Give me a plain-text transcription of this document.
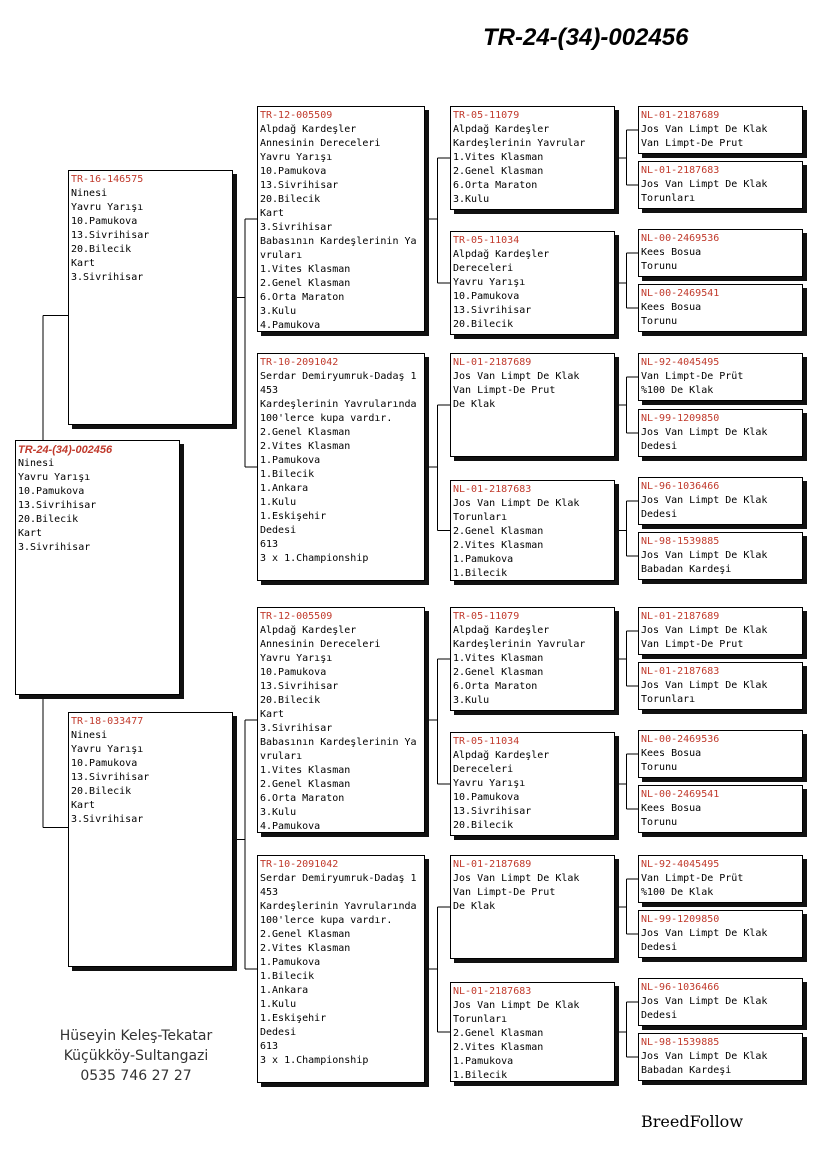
TR-24-(34)-002456
TR-24-(34)-002456
Ninesi
Yavru Yarışı
10.Pamukova
13.Sivrihisar
20.Bilecik
Kart
3.Sivrihisar
TR-16-146575
Ninesi
Yavru Yarışı
10.Pamukova
13.Sivrihisar
20.Bilecik
Kart
3.Sivrihisar
TR-18-033477
Ninesi
Yavru Yarışı
10.Pamukova
13.Sivrihisar
20.Bilecik
Kart
3.Sivrihisar
TR-12-005509
Alpdağ Kardeşler
Annesinin Dereceleri
Yavru Yarışı
10.Pamukova
13.Sivrihisar
20.Bilecik
Kart
3.Sivrihisar
Babasının Kardeşlerinin Yavruları
1.Vites Klasman
2.Genel Klasman
6.Orta Maraton
3.Kulu
4.Pamukova
TR-10-2091042
Serdar Demiryumruk-Dadaş 1453
Kardeşlerinin Yavrularında 100'lerce kupa vardır.
2.Genel Klasman
2.Vites Klasman
1.Pamukova
1.Bilecik
1.Ankara
1.Kulu
1.Eskişehir
Dedesi
613
3 x 1.Championship
TR-12-005509
Alpdağ Kardeşler
Annesinin Dereceleri
Yavru Yarışı
10.Pamukova
13.Sivrihisar
20.Bilecik
Kart
3.Sivrihisar
Babasının Kardeşlerinin Yavruları
1.Vites Klasman
2.Genel Klasman
6.Orta Maraton
3.Kulu
4.Pamukova
TR-10-2091042
Serdar Demiryumruk-Dadaş 1453
Kardeşlerinin Yavrularında 100'lerce kupa vardır.
2.Genel Klasman
2.Vites Klasman
1.Pamukova
1.Bilecik
1.Ankara
1.Kulu
1.Eskişehir
Dedesi
613
3 x 1.Championship
TR-05-11079
Alpdağ Kardeşler
Kardeşlerinin Yavrular
1.Vites Klasman
2.Genel Klasman
6.Orta Maraton
3.Kulu
TR-05-11034
Alpdağ Kardeşler
Dereceleri
Yavru Yarışı
10.Pamukova
13.Sivrihisar
20.Bilecik
NL-01-2187689
Jos Van Limpt De Klak
Van Limpt-De Prut
De Klak
NL-01-2187683
Jos Van Limpt De Klak
Torunları
2.Genel Klasman
2.Vites Klasman
1.Pamukova
1.Bilecik
TR-05-11079
Alpdağ Kardeşler
Kardeşlerinin Yavrular
1.Vites Klasman
2.Genel Klasman
6.Orta Maraton
3.Kulu
TR-05-11034
Alpdağ Kardeşler
Dereceleri
Yavru Yarışı
10.Pamukova
13.Sivrihisar
20.Bilecik
NL-01-2187689
Jos Van Limpt De Klak
Van Limpt-De Prut
De Klak
NL-01-2187683
Jos Van Limpt De Klak
Torunları
2.Genel Klasman
2.Vites Klasman
1.Pamukova
1.Bilecik
NL-01-2187689
Jos Van Limpt De Klak
Van Limpt-De Prut
NL-01-2187683
Jos Van Limpt De Klak
Torunları
NL-00-2469536
Kees Bosua
Torunu
NL-00-2469541
Kees Bosua
Torunu
NL-92-4045495
Van Limpt-De Prüt
%100 De Klak
NL-99-1209850
Jos Van Limpt De Klak
Dedesi
NL-96-1036466
Jos Van Limpt De Klak
Dedesi
NL-98-1539885
Jos Van Limpt De Klak
Babadan Kardeşi
NL-01-2187689
Jos Van Limpt De Klak
Van Limpt-De Prut
NL-01-2187683
Jos Van Limpt De Klak
Torunları
NL-00-2469536
Kees Bosua
Torunu
NL-00-2469541
Kees Bosua
Torunu
NL-92-4045495
Van Limpt-De Prüt
%100 De Klak
NL-99-1209850
Jos Van Limpt De Klak
Dedesi
NL-96-1036466
Jos Van Limpt De Klak
Dedesi
NL-98-1539885
Jos Van Limpt De Klak
Babadan Kardeşi
Hüseyin Keleş-Tekatar
Küçükköy-Sultangazi
0535 746 27 27
BreedFollow
